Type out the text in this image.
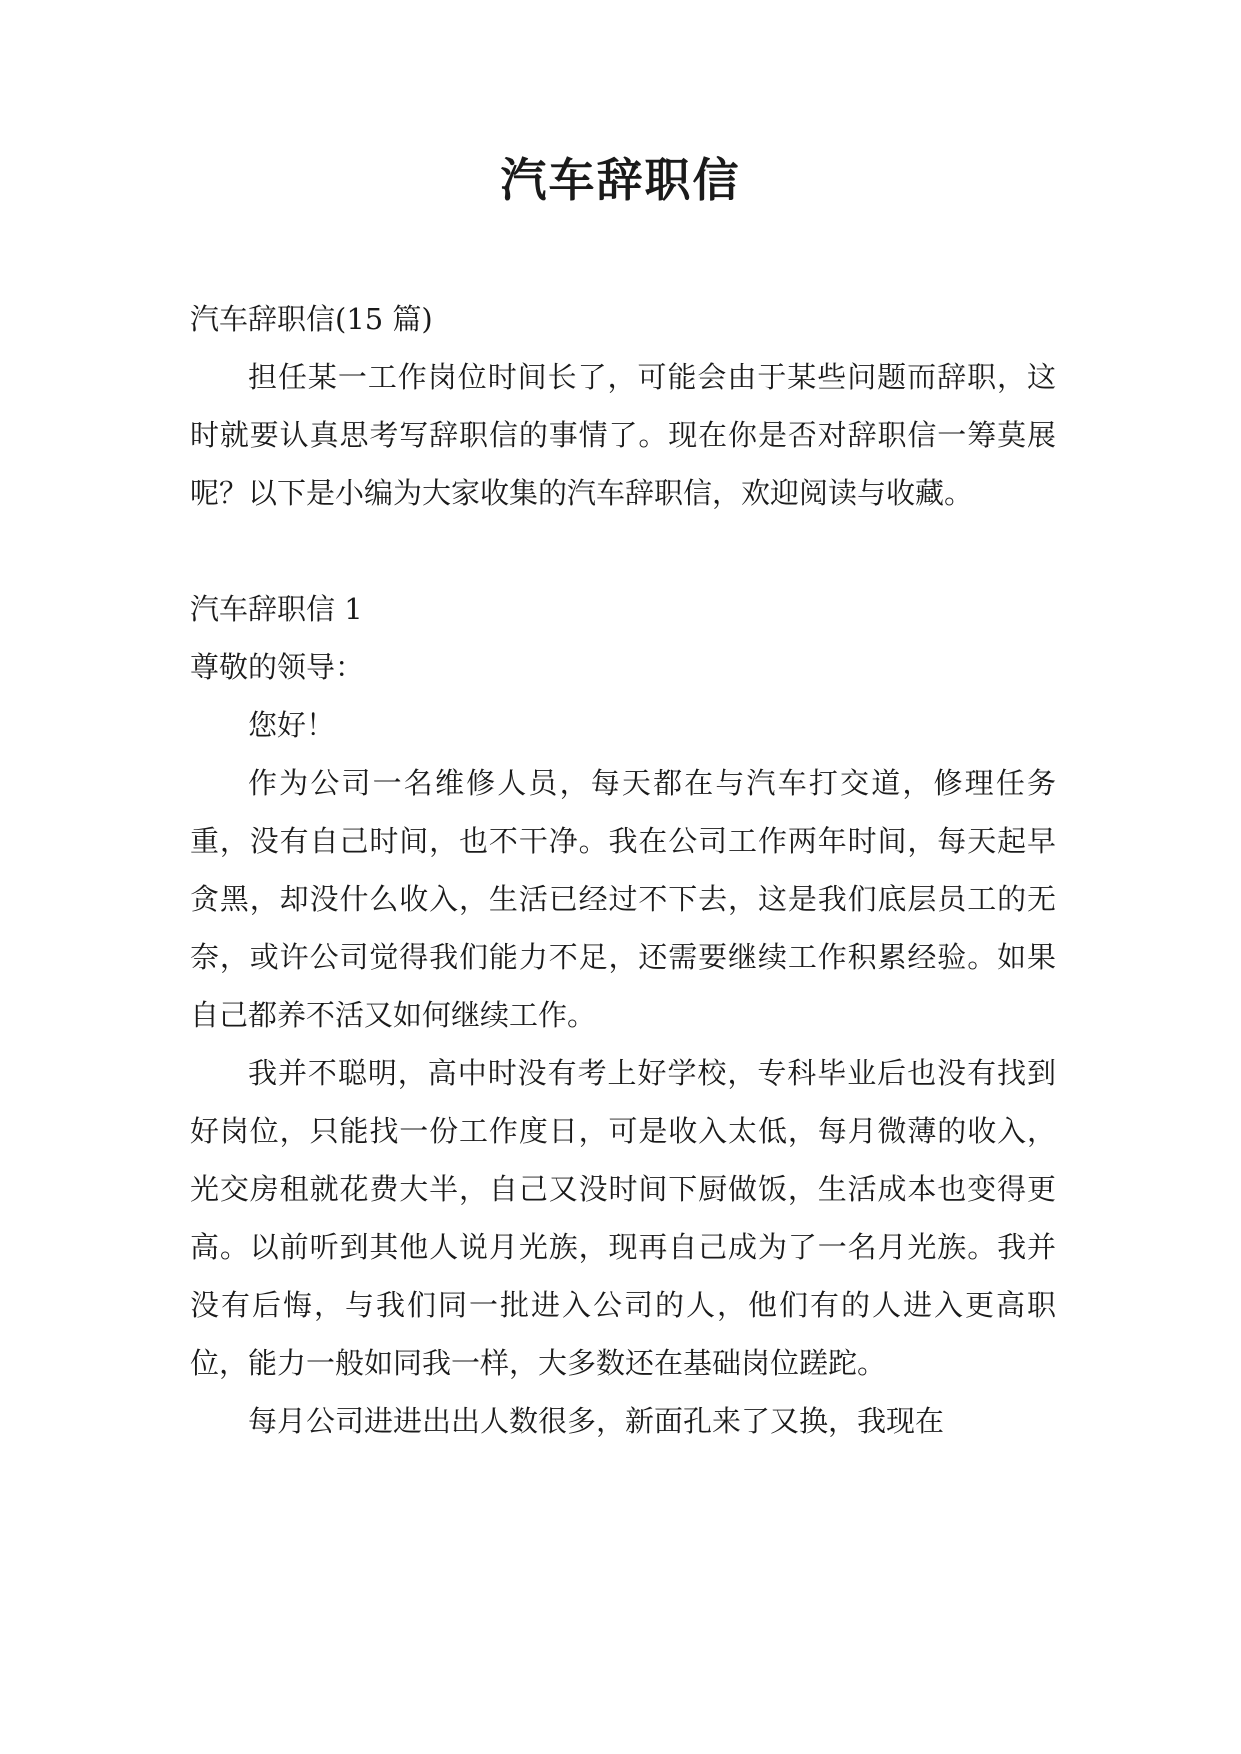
汽车辞职信
汽车辞职信(15 篇)
担任某一工作岗位时间长了，可能会由于某些问题而辞职，这时就要认真思考写辞职信的事情了。现在你是否对辞职信一筹莫展呢？以下是小编为大家收集的汽车辞职信，欢迎阅读与收藏。
汽车辞职信 1
尊敬的领导：
您好！
作为公司一名维修人员，每天都在与汽车打交道，修理任务重，没有自己时间，也不干净。我在公司工作两年时间，每天起早贪黑，却没什么收入，生活已经过不下去，这是我们底层员工的无奈，或许公司觉得我们能力不足，还需要继续工作积累经验。如果自己都养不活又如何继续工作。
我并不聪明，高中时没有考上好学校，专科毕业后也没有找到好岗位，只能找一份工作度日，可是收入太低，每月微薄的收入，光交房租就花费大半，自己又没时间下厨做饭，生活成本也变得更高。以前听到其他人说月光族，现再自己成为了一名月光族。我并没有后悔，与我们同一批进入公司的人，他们有的人进入更高职位，能力一般如同我一样，大多数还在基础岗位蹉跎。
每月公司进进出出人数很多，新面孔来了又换，我现在
